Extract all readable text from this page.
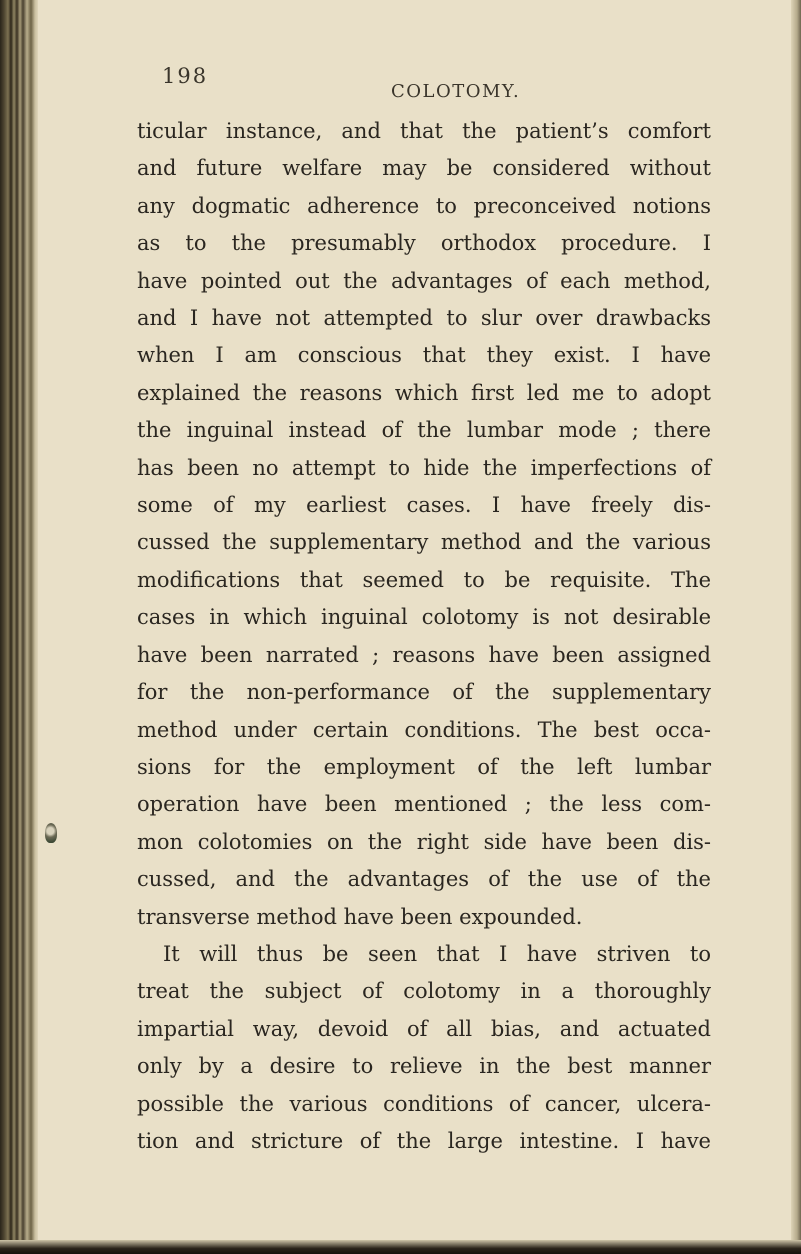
198
COLOTOMY.
ticular instance, and that the patient’s comfort
and future welfare may be considered without
any dogmatic adherence to preconceived notions
as to the presumably orthodox procedure. I
have pointed out the advantages of each method,
and I have not attempted to slur over drawbacks
when I am conscious that they exist. I have
explained the reasons which first led me to adopt
the inguinal instead of the lumbar mode ; there
has been no attempt to hide the imperfections of
some of my earliest cases. I have freely dis-
cussed the supplementary method and the various
modifications that seemed to be requisite. The
cases in which inguinal colotomy is not desirable
have been narrated ; reasons have been assigned
for the non-performance of the supplementary
method under certain conditions. The best occa-
sions for the employment of the left lumbar
operation have been mentioned ; the less com-
mon colotomies on the right side have been dis-
cussed, and the advantages of the use of the
transverse method have been expounded.
It will thus be seen that I have striven to
treat the subject of colotomy in a thoroughly
impartial way, devoid of all bias, and actuated
only by a desire to relieve in the best manner
possible the various conditions of cancer, ulcera-
tion and stricture of the large intestine. I have
